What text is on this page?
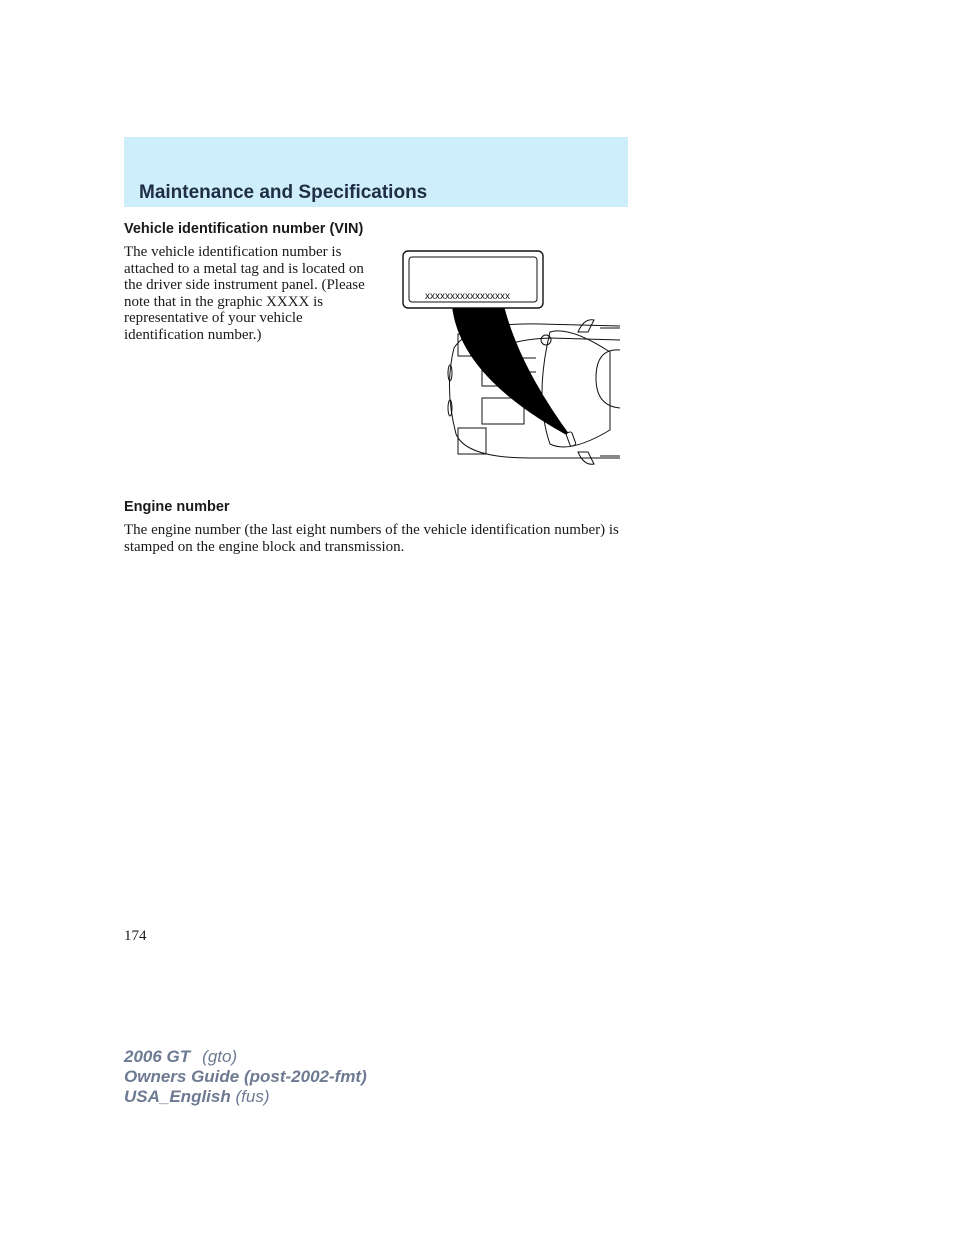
Maintenance and Specifications
Vehicle identification number (VIN)

The vehicle identification number is attached to a metal tag and is located on the driver side instrument panel. (Please note that in the graphic XXXX is representative of your vehicle identification number.)

xxxxxxxxxxxxxxxxx
Engine number

The engine number (the last eight numbers of the vehicle identification number) is stamped on the engine block and transmission.

174

2006 GT (gto)
Owners Guide (post-2002-fmt)
USA_English (fus)
